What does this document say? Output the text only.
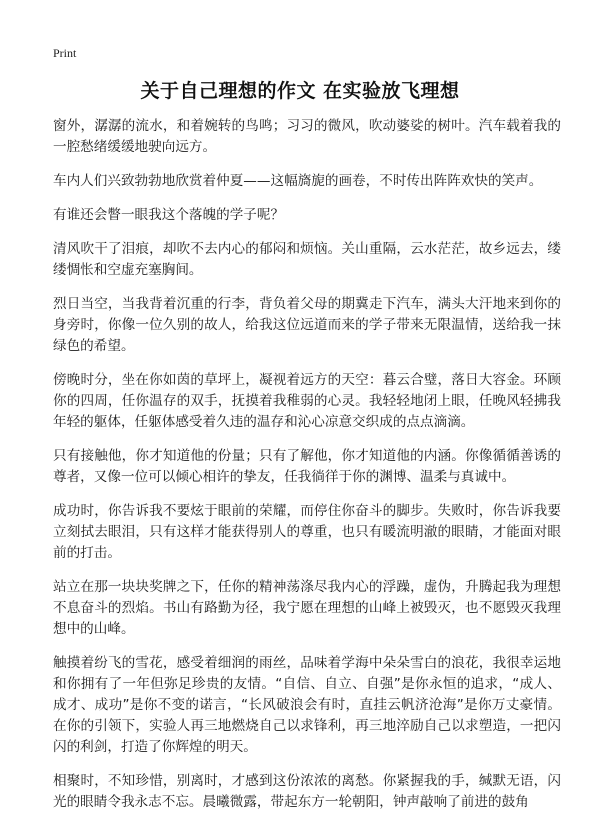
Print
关于自己理想的作文 在实验放飞理想

窗外，潺潺的流水，和着婉转的鸟鸣；习习的微风，吹动婆娑的树叶。汽车载着我的一腔愁绪缓缓地驶向远方。

车内人们兴致勃勃地欣赏着仲夏——这幅旖旎的画卷，不时传出阵阵欢快的笑声。

有谁还会瞥一眼我这个落魄的学子呢？

清风吹干了泪痕，却吹不去内心的郁闷和烦恼。关山重隔，云水茫茫，故乡远去，缕缕惆怅和空虚充塞胸间。

烈日当空，当我背着沉重的行李，背负着父母的期冀走下汽车，满头大汗地来到你的身旁时，你像一位久别的故人，给我这位远道而来的学子带来无限温情，送给我一抹绿色的希望。

傍晚时分，坐在你如茵的草坪上，凝视着远方的天空：暮云合璧，落日大容金。环顾你的四周，任你温存的双手，抚摸着我稚弱的心灵。我轻轻地闭上眼，任晚风轻拂我年轻的躯体，任躯体感受着久违的温存和沁心凉意交织成的点点滴滴。

只有接触他，你才知道他的份量；只有了解他，你才知道他的内涵。你像循循善诱的尊者，又像一位可以倾心相许的挚友，任我徜徉于你的渊博、温柔与真诚中。

成功时，你告诉我不要炫于眼前的荣耀，而停住你奋斗的脚步。失败时，你告诉我要立刻拭去眼泪，只有这样才能获得别人的尊重，也只有暖流明澈的眼睛，才能面对眼前的打击。

站立在那一块块奖牌之下，任你的精神荡涤尽我内心的浮躁，虚伪，升腾起我为理想不息奋斗的烈焰。书山有路勤为径，我宁愿在理想的山峰上被毁灭，也不愿毁灭我理想中的山峰。

触摸着纷飞的雪花，感受着细润的雨丝，品味着学海中朵朵雪白的浪花，我很幸运地和你拥有了一年但弥足珍贵的友情。“自信、自立、自强”是你永恒的追求，“成人、成才、成功”是你不变的诺言，“长风破浪会有时，直挂云帆济沧海”是你万丈豪情。在你的引领下，实验人再三地燃烧自己以求锋利，再三地淬励自己以求塑造，一把闪闪的利剑，打造了你辉煌的明天。

相聚时，不知珍惜，别离时，才感到这份浓浓的离愁。你紧握我的手，缄默无语，闪光的眼睛令我永志不忘。晨曦微露，带起东方一轮朝阳，钟声敲响了前进的鼓角
